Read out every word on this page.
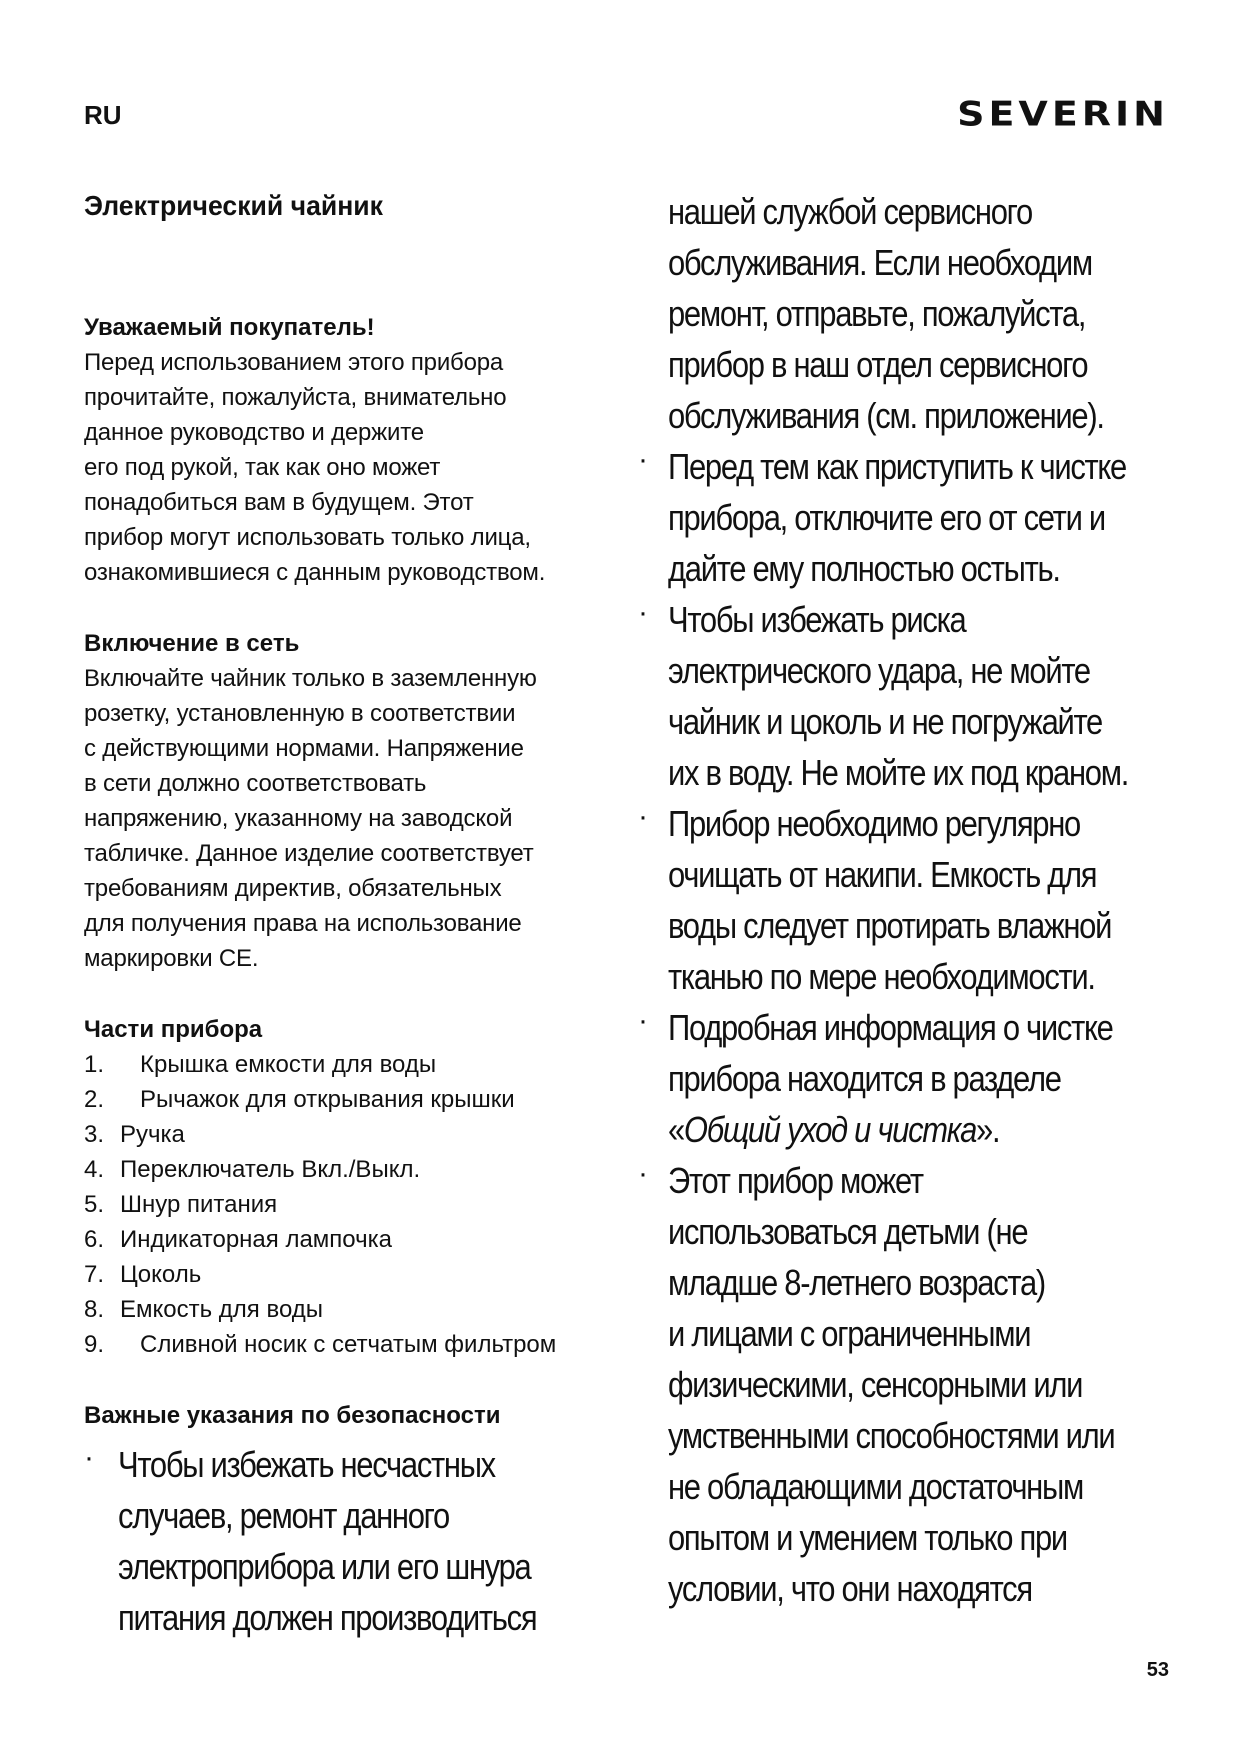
RU	SEVERIN
Электрический чайник
Уважаемый покупатель!

Перед использованием этого прибора
прочитайте, пожалуйста, внимательно
данное руководство и держите
его под рукой, так как оно может
понадобиться вам в будущем. Этот
прибор могут использовать только лица,
ознакомившиеся с данным руководством.

Включение в сеть

Включайте чайник только в заземленную
розетку, установленную в соответствии
с действующими нормами. Напряжение
в сети должно соответствовать
напряжению, указанному на заводской
табличке. Данное изделие соответствует
требованиям директив, обязательных
для получения права на использование
маркировки CE.

Части прибора
1.	Крышка емкости для воды
2.	Рычажок для открывания крышки
3. Ручка
4. Переключатель Вкл./Выкл.
5. Шнур питания
6. Индикаторная лампочка
7. Цоколь
8. Емкость для воды
9.	Сливной носик с сетчатым фильтром
Важные указания по безопасности
· Чтобы избежать несчастных
случаев, ремонт данного
электроприбора или его шнура
питания должен производиться

нашей службой сервисного
обслуживания. Если необходим
ремонт, отправьте, пожалуйста,
прибор в наш отдел сервисного
обслуживания (см. приложение).

· Перед тем как приступить к чистке
прибора, отключите его от сети и
дайте ему полностью остыть.
· Чтобы избежать риска
электрического удара, не мойте
чайник и цоколь и не погружайте
их в воду. Не мойте их под краном.
· Прибор необходимо регулярно
очищать от накипи. Емкость для
воды следует протирать влажной
тканью по мере необходимости.
· Подробная информация о чистке
прибора находится в разделе
«Общий уход и чистка».
· Этот прибор может
использоваться детьми (не
младше 8-летнего возраста)
и лицами с ограниченными
физическими, сенсорными или
умственными способностями или
не обладающими достаточным
опытом и умением только при
условии, что они находятся
53
